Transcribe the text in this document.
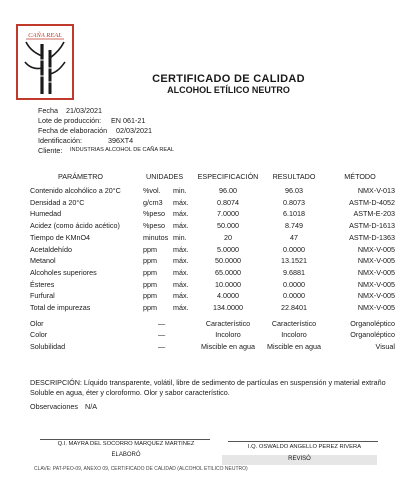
CAÑA REAL
CERTIFICADO DE CALIDAD
ALCOHOL ETÍLICO NEUTRO
Fecha 21/03/2021
Lote de producción: EN 061-21
Fecha de elaboración 02/03/2021
Identificación:	396XT4
Cliente: INDUSTRIAS ALCOHOL DE CAÑA REAL
PARÁMETRO	UNIDADES	ESPECIFICACIÓN	RESULTADO	MÉTODO
Contenido alcohólico a 20°C	%vol. min.	96.00	96.03	NMX-V-013
Densidad a 20°C	g/cm3 máx.	0.8074	0.8073	ASTM-D-4052
Humedad	%peso máx.	7.0000	6.1018	ASTM-E-203
Acidez (como ácido acético)	%peso máx.	50.000	8.749	ASTM-D-1613
Tiempo de KMnO4	minutos min.	20	47	ASTM-D-1363
Acetaldehído	ppm máx.	5.0000	0.0000	NMX-V-005
Metanol	ppm máx.	50.0000	13.1521	NMX-V-005
Alcoholes superiores	ppm máx.	65.0000	9.6881	NMX-V-005
Ésteres	ppm máx.	10.0000	0.0000	NMX-V-005
Furfural	ppm máx.	4.0000	0.0000	NMX-V-005
Total de impurezas	ppm máx.	134.0000	22.8401	NMX-V-005
Olor	—	Característico	Característico	Organoléptico
Color	—	Incoloro	Incoloro	Organoléptico
Solubilidad	—	Miscible en agua	Miscible en agua	Visual
DESCRIPCIÓN: Líquido transparente, volátil, libre de sedimento de partículas en suspensión y material extraño Soluble en agua, éter y cloroformo. Olor y sabor característico.
Observaciones N/A
Q.I. MAYRA DEL SOCORRO MARQUEZ MARTINEZ
ELABORÓ
I.Q. OSWALDO ANGELLO PEREZ RIVERA
REVISÓ
CLAVE: PAT-PEO-09, ANEXO 09, CERTIFICADO DE CALIDAD (ALCOHOL ETILICO NEUTRO)
